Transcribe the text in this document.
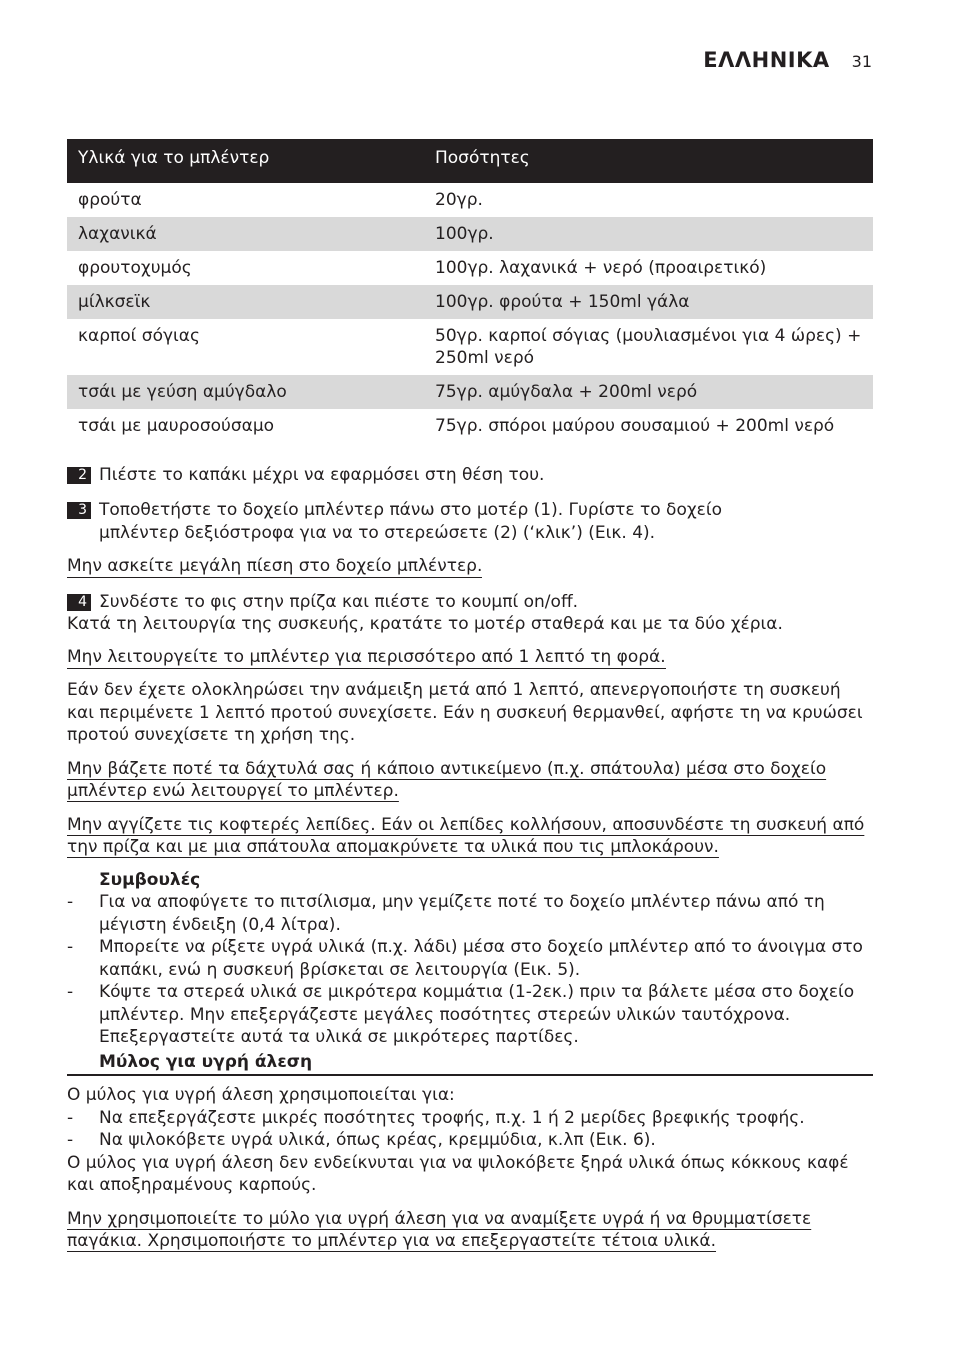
ΕΛΛΗΝΙΚΑ 31
Υλικά για το μπλέντερ	Ποσότητες
φρούτα	20γρ.
λαχανικά	100γρ.
φρουτοχυμός	100γρ. λαχανικά + νερό (προαιρετικό)
μίλκσεϊκ	100γρ. φρούτα + 150ml γάλα
καρποί σόγιας	50γρ. καρποί σόγιας (μουλιασμένοι για 4 ώρες) + 250ml νερό
τσάι με γεύση αμύγδαλο	75γρ. αμύγδαλα + 200ml νερό
τσάι με μαυροσούσαμο	75γρ. σπόροι μαύρου σουσαμιού + 200ml νερό
2 Πιέστε το καπάκι μέχρι να εφαρμόσει στη θέση του.
3 Τοποθετήστε το δοχείο μπλέντερ πάνω στο μοτέρ (1). Γυρίστε το δοχείο
μπλέντερ δεξιόστροφα για να το στερεώσετε (2) (‘κλικ’) (Εικ. 4).

Μην ασκείτε μεγάλη πίεση στο δοχείο μπλέντερ.

4 Συνδέστε το φις στην πρίζα και πιέστε το κουμπί on/off.

Κατά τη λειτουργία της συσκευής, κρατάτε το μοτέρ σταθερά και με τα δύο χέρια.

Μην λειτουργείτε το μπλέντερ για περισσότερο από 1 λεπτό τη φορά.

Εάν δεν έχετε ολοκληρώσει την ανάμειξη μετά από 1 λεπτό, απενεργοποιήστε τη συσκευή και περιμένετε 1 λεπτό προτού συνεχίσετε. Εάν η συσκευή θερμανθεί, αφήστε τη να κρυώσει προτού συνεχίσετε τη χρήση της.

Μην βάζετε ποτέ τα δάχτυλά σας ή κάποιο αντικείμενο (π.χ. σπάτουλα) μέσα στο δοχείο μπλέντερ ενώ λειτουργεί το μπλέντερ.

Μην αγγίζετε τις κοφτερές λεπίδες. Εάν οι λεπίδες κολλήσουν, αποσυνδέστε τη συσκευή από την πρίζα και με μια σπάτουλα απομακρύνετε τα υλικά που τις μπλοκάρουν.

Συμβουλές
- Για να αποφύγετε το πιτσίλισμα, μην γεμίζετε ποτέ το δοχείο μπλέντερ πάνω από τη μέγιστη ένδειξη (0,4 λίτρα).
- Μπορείτε να ρίξετε υγρά υλικά (π.χ. λάδι) μέσα στο δοχείο μπλέντερ από το άνοιγμα στο καπάκι, ενώ η συσκευή βρίσκεται σε λειτουργία (Εικ. 5).
- Κόψτε τα στερεά υλικά σε μικρότερα κομμάτια (1-2εκ.) πριν τα βάλετε μέσα στο δοχείο μπλέντερ. Μην επεξεργάζεστε μεγάλες ποσότητες στερεών υλικών ταυτόχρονα. Επεξεργαστείτε αυτά τα υλικά σε μικρότερες παρτίδες.
Μύλος για υγρή άλεση

Ο μύλος για υγρή άλεση χρησιμοποιείται για:

- Να επεξεργάζεστε μικρές ποσότητες τροφής, π.χ. 1 ή 2 μερίδες βρεφικής τροφής.
- Να ψιλοκόβετε υγρά υλικά, όπως κρέας, κρεμμύδια, κ.λπ (Εικ. 6).

Ο μύλος για υγρή άλεση δεν ενδείκνυται για να ψιλοκόβετε ξηρά υλικά όπως κόκκους καφέ και αποξηραμένους καρπούς.

Μην χρησιμοποιείτε το μύλο για υγρή άλεση για να αναμίξετε υγρά ή να θρυμματίσετε παγάκια. Χρησιμοποιήστε το μπλέντερ για να επεξεργαστείτε τέτοια υλικά.
